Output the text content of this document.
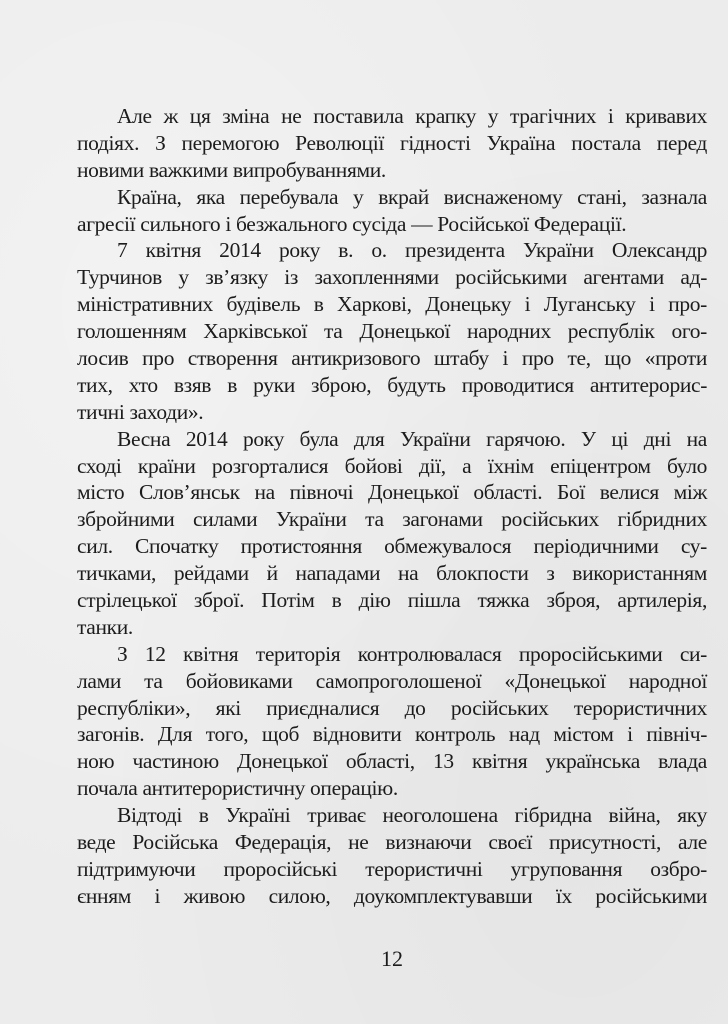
Але ж ця зміна не поставила крапку у трагічних і кривавих
подіях. З перемогою Революції гідності Україна постала перед
новими важкими випробуваннями.
Країна, яка перебувала у вкрай виснаженому стані, зазнала
агресії сильного і безжального сусіда — Російської Федерації.
7 квітня 2014 року в. о. президента України Олександр
Турчинов у зв’язку із захопленнями російськими агентами ад-
міністративних будівель в Харкові, Донецьку і Луганську і про-
голошенням Харківської та Донецької народних республік ого-
лосив про створення антикризового штабу і про те, що «проти
тих, хто взяв в руки зброю, будуть проводитися антитерорис-
тичні заходи».
Весна 2014 року була для України гарячою. У ці дні на
сході країни розгорталися бойові дії, а їхнім епіцентром було
місто Слов’янськ на півночі Донецької області. Бої велися між
збройними силами України та загонами російських гібридних
сил. Спочатку протистояння обмежувалося періодичними су-
тичками, рейдами й нападами на блокпости з використанням
стрілецької зброї. Потім в дію пішла тяжка зброя, артилерія,
танки.
З 12 квітня територія контролювалася проросійськими си-
лами та бойовиками самопроголошеної «Донецької народної
республіки», які приєдналися до російських терористичних
загонів. Для того, щоб відновити контроль над містом і північ-
ною частиною Донецької області, 13 квітня українська влада
почала антитерористичну операцію.
Відтоді в Україні триває неоголошена гібридна війна, яку
веде Російська Федерація, не визнаючи своєї присутності, але
підтримуючи проросійські терористичні угруповання озбро-
єнням і живою силою, доукомплектувавши їх російськими
12
